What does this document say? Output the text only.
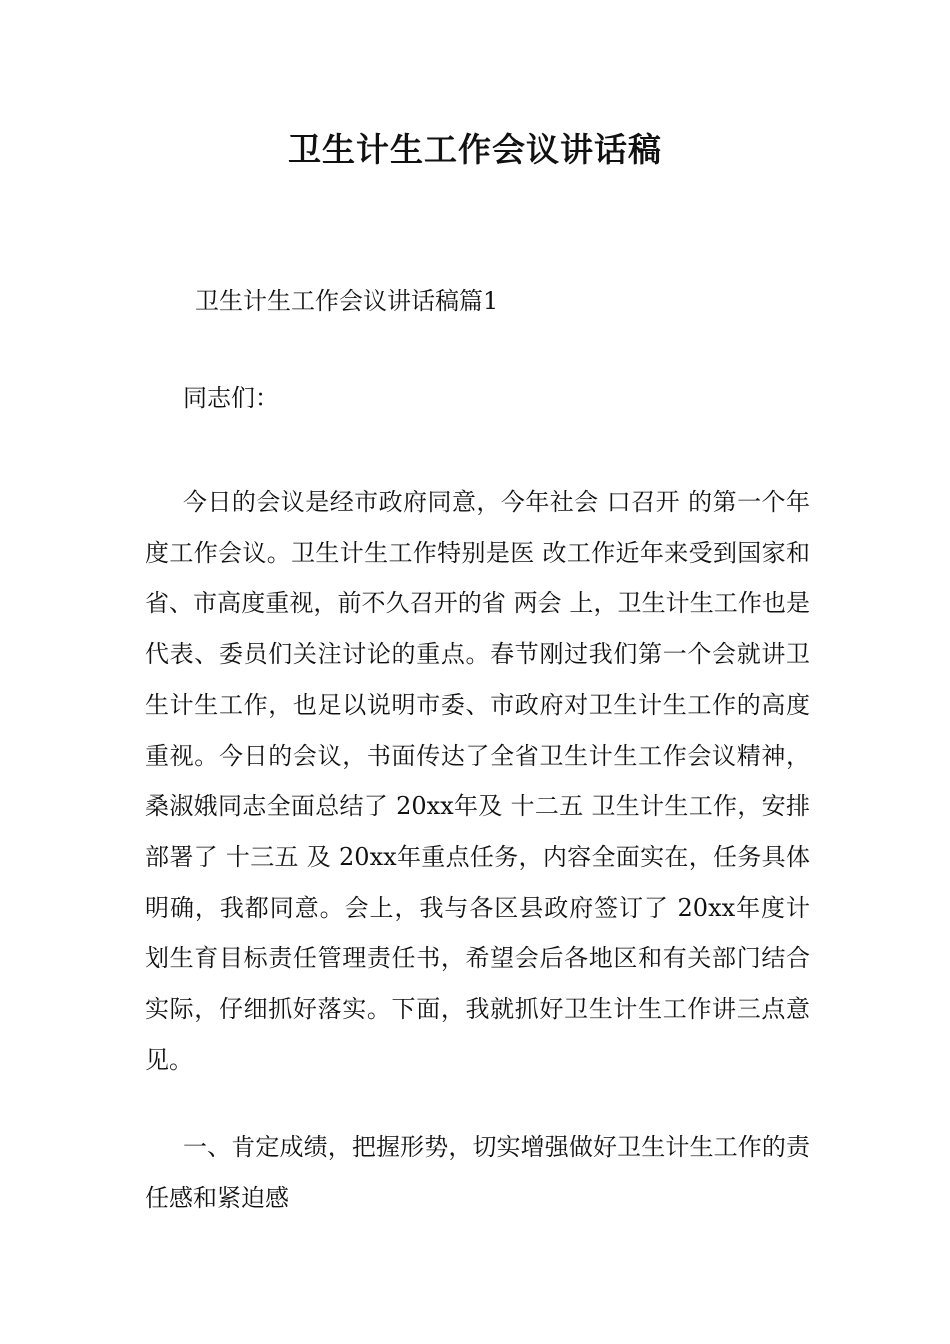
卫生计生工作会议讲话稿

卫生计生工作会议讲话稿篇1

同志们：

今日的会议是经市政府同意，今年社会 口召开 的第一个年度工作会议。卫生计生工作特别是医 改工作近年来受到国家和省、市高度重视，前不久召开的省 两会 上，卫生计生工作也是代表、委员们关注讨论的重点。春节刚过我们第一个会就讲卫生计生工作，也足以说明市委、市政府对卫生计生工作的高度重视。今日的会议，书面传达了全省卫生计生工作会议精神，桑淑娥同志全面总结了 20xx年及 十二五 卫生计生工作，安排部署了 十三五 及 20xx年重点任务，内容全面实在，任务具体明确，我都同意。会上，我与各区县政府签订了 20xx年度计划生育目标责任管理责任书，希望会后各地区和有关部门结合实际，仔细抓好落实。下面，我就抓好卫生计生工作讲三点意见。

一、肯定成绩，把握形势，切实增强做好卫生计生工作的责任感和紧迫感
